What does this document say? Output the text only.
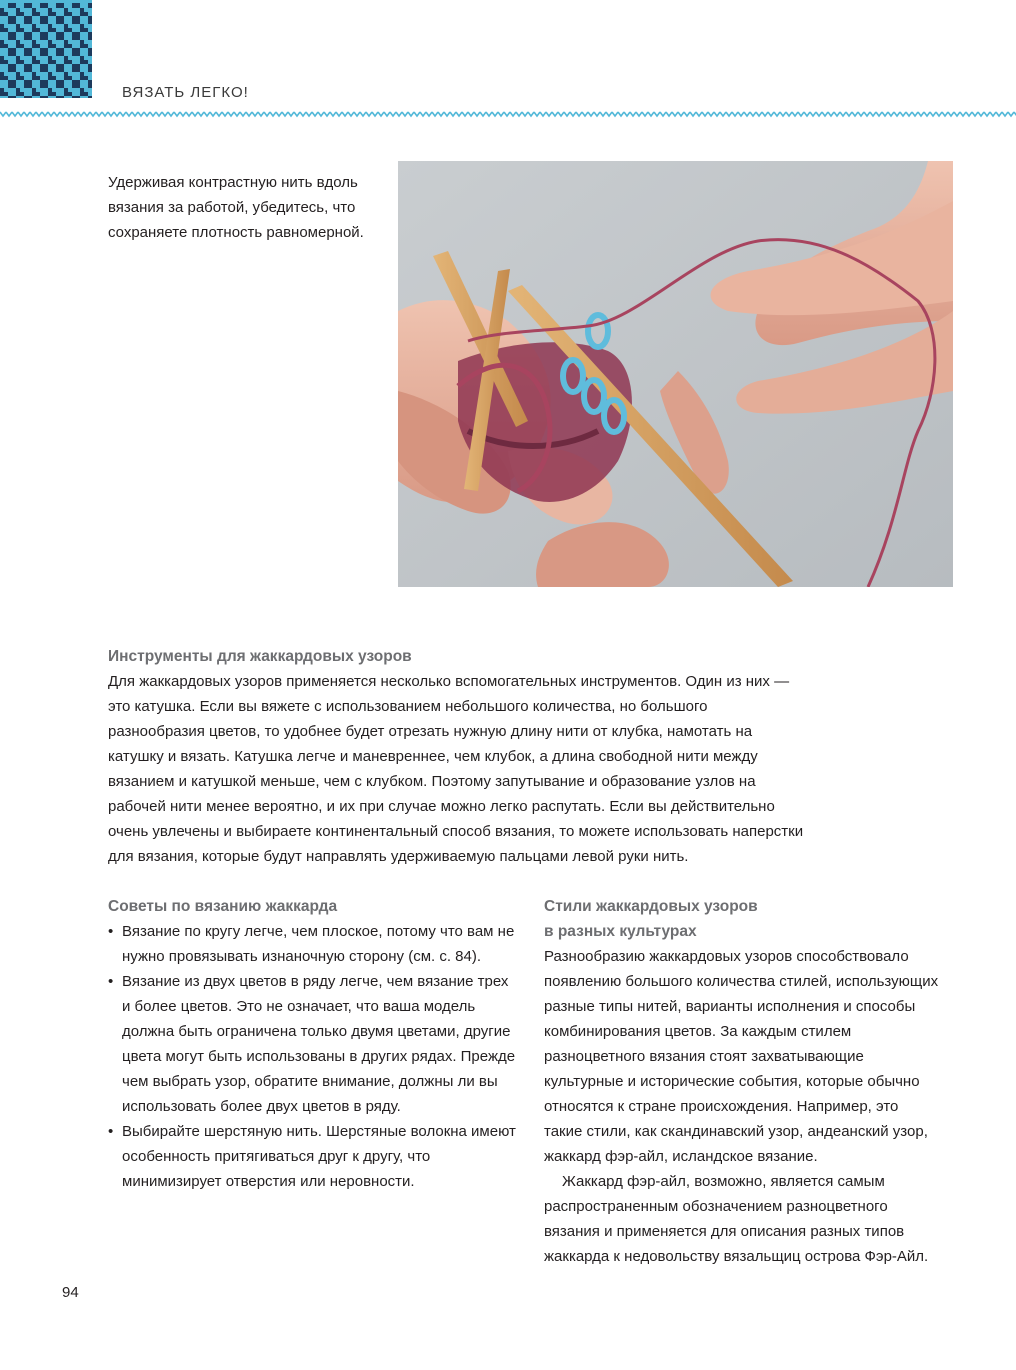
ВЯЗАТЬ ЛЕГКО!
Удерживая контрастную нить вдоль вязания за работой, убедитесь, что сохраняете плотность равномерной.
Инструменты для жаккардовых узоров

Для жаккардовых узоров применяется несколько вспомогательных инструментов. Один из них — это катушка. Если вы вяжете с использованием небольшого количества, но большого разнообразия цветов, то удобнее будет отрезать нужную длину нити от клубка, намотать на катушку и вязать. Катушка легче и маневреннее, чем клубок, а длина свободной нити между вязанием и катушкой меньше, чем с клубком. Поэтому запутывание и образование узлов на рабочей нити менее вероятно, и их при случае можно легко распутать. Если вы действительно очень увлечены и выбираете континентальный способ вязания, то можете использовать наперстки для вязания, которые будут направлять удерживаемую пальцами левой руки нить.

Советы по вязанию жаккарда
• Вязание по кругу легче, чем плоское, потому что вам не нужно провязывать изнаночную сторону (см. с. 84).
• Вязание из двух цветов в ряду легче, чем вязание трех и более цветов. Это не означает, что ваша модель должна быть ограничена только двумя цветами, другие цвета могут быть использованы в других рядах. Прежде чем выбрать узор, обратите внимание, должны ли вы использовать более двух цветов в ряду.
• Выбирайте шерстяную нить. Шерстяные волокна имеют особенность притягиваться друг к другу, что минимизирует отверстия или неровности.
Стили жаккардовых узоров
в разных культурах

Разнообразию жаккардовых узоров способствовало появлению большого количества стилей, использующих разные типы нитей, варианты исполнения и способы комбинирования цветов. За каждым стилем разноцветного вязания стоят захватывающие культурные и исторические события, которые обычно относятся к стране происхождения. Например, это такие стили, как скандинавский узор, андеанский узор, жаккард фэр-айл, исландское вязание.

Жаккард фэр-айл, возможно, является самым распространенным обозначением разноцветного вязания и применяется для описания разных типов жаккарда к недовольству вязальщиц острова Фэр-Айл.

94
